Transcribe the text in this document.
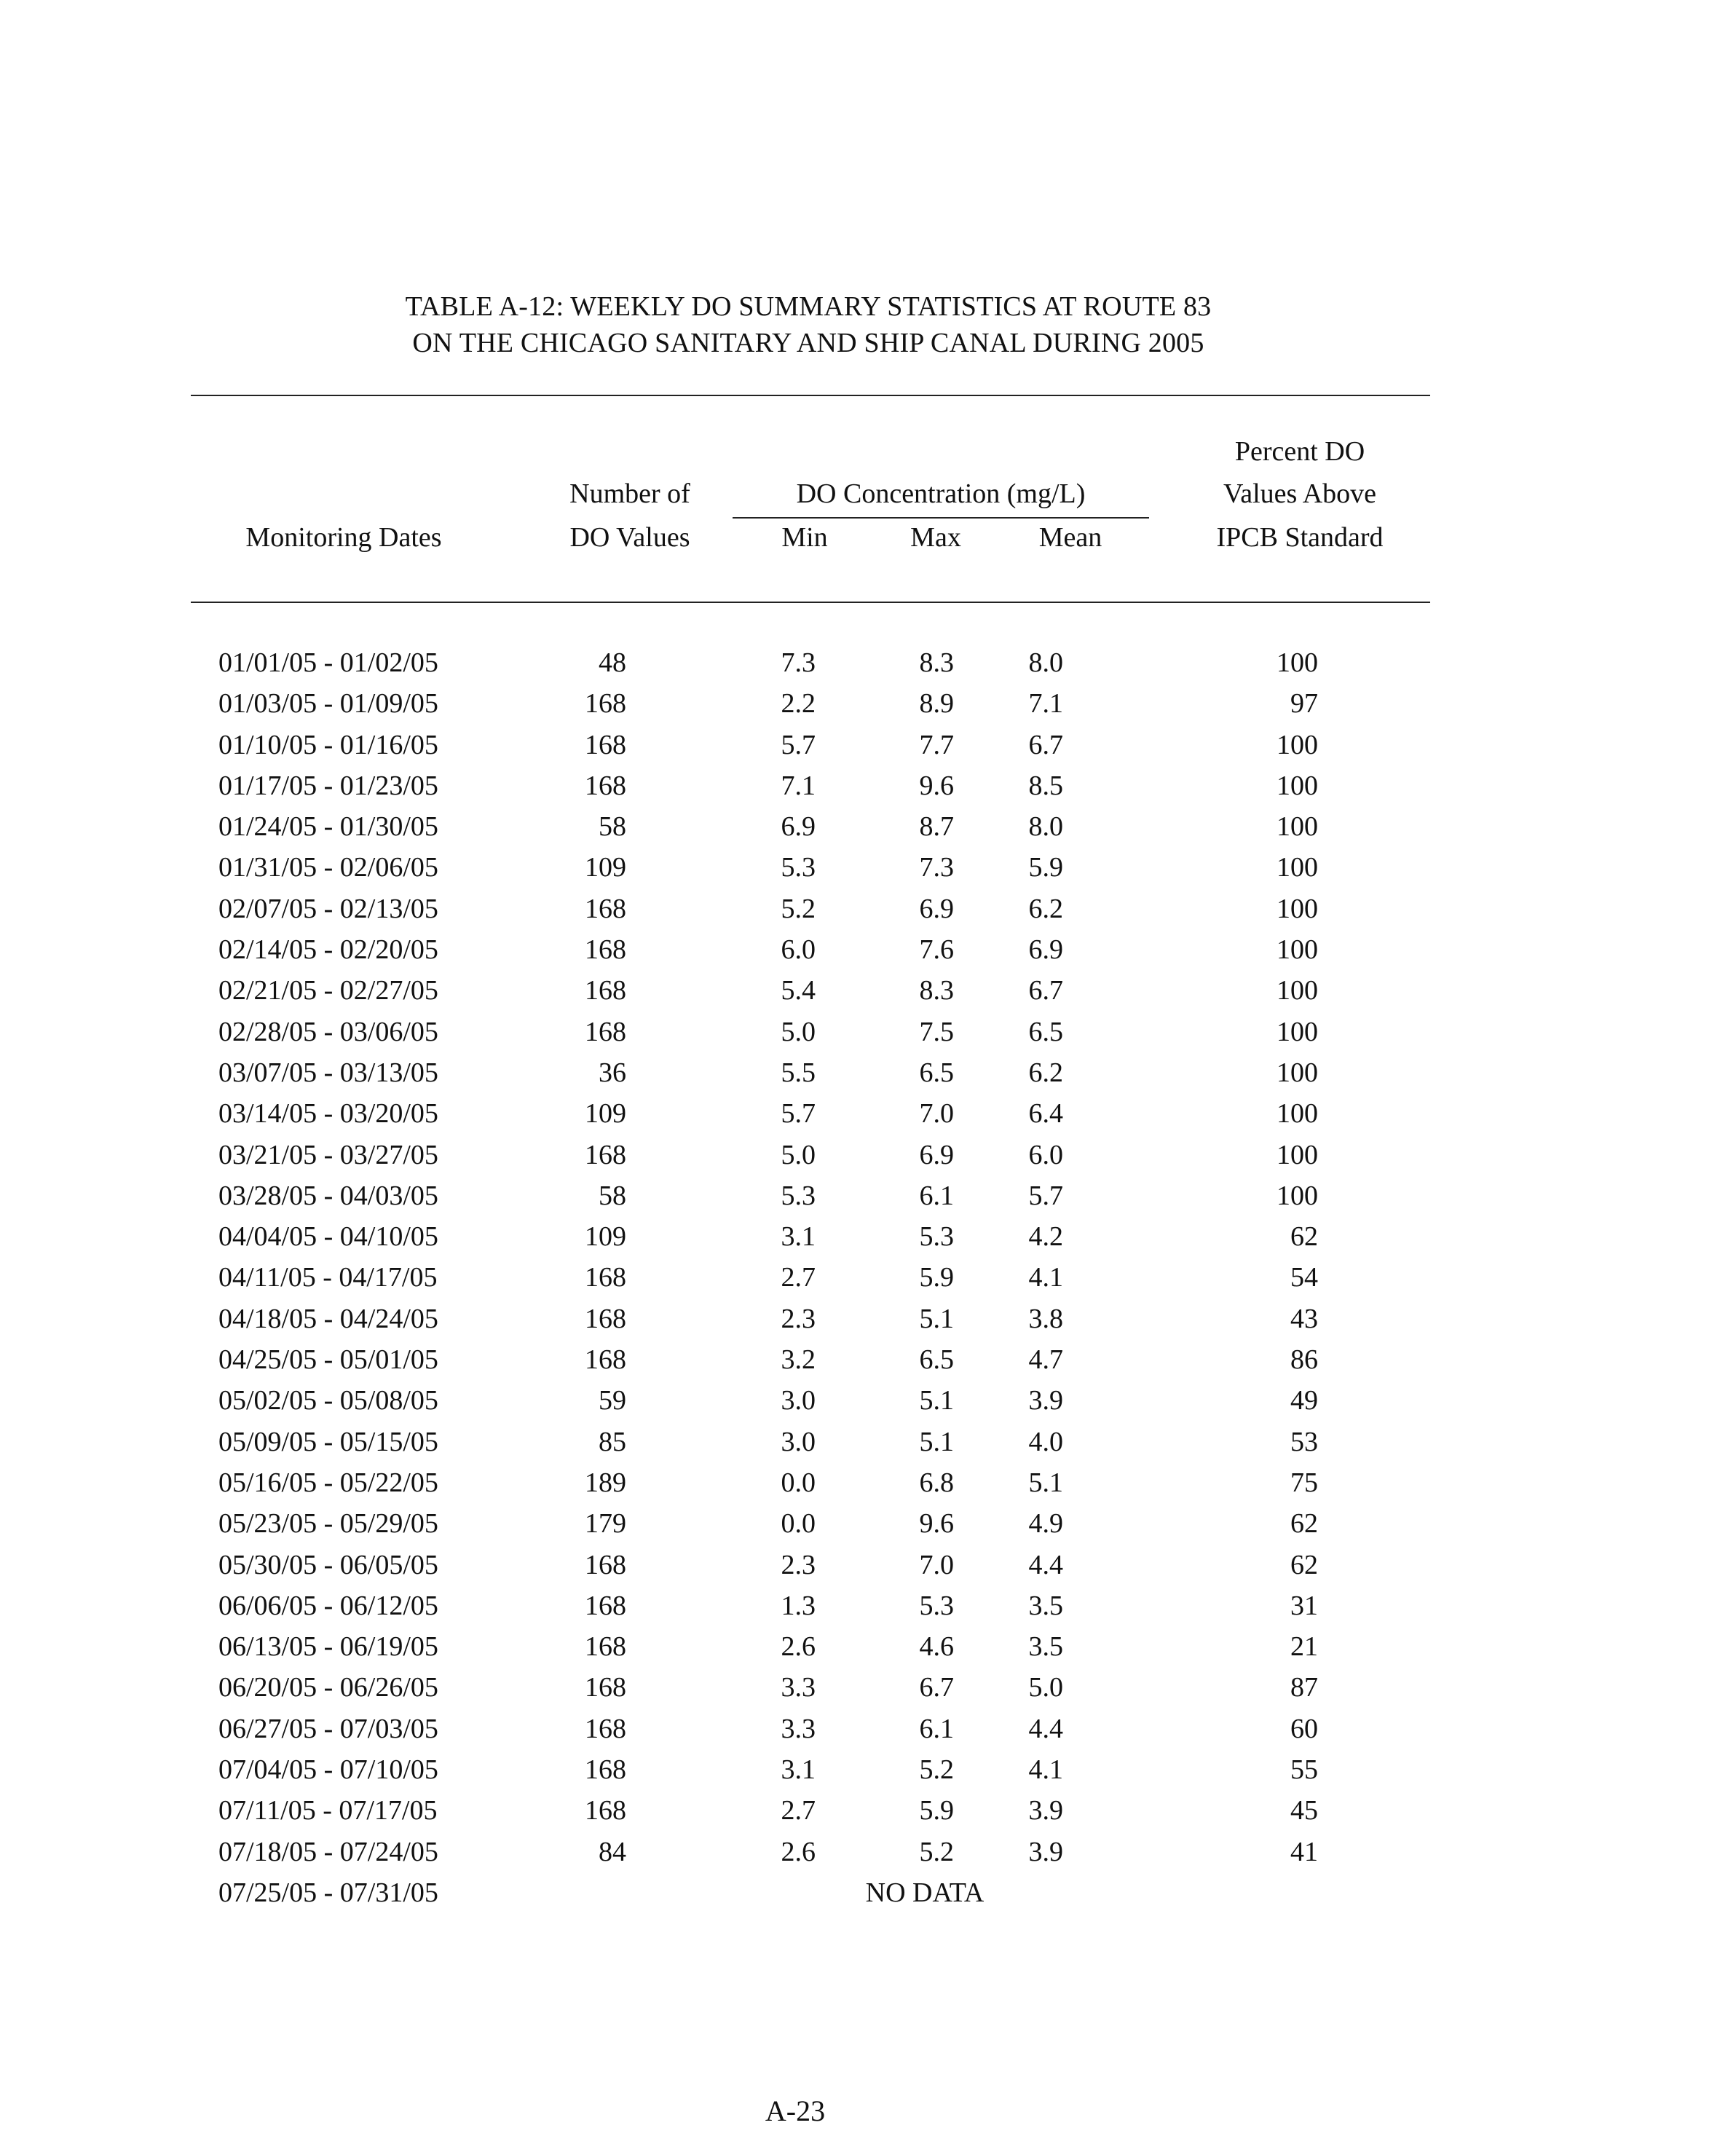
TABLE A-12: WEEKLY DO SUMMARY STATISTICS AT ROUTE 83
ON THE CHICAGO SANITARY AND SHIP CANAL DURING 2005
Percent DO
Number of	DO Concentration (mg/L)	Values Above
Monitoring Dates	DO Values	Min	Max	Mean	IPCB Standard
01/01/05 - 01/02/05	48	7.3	8.3	8.0	100
01/03/05 - 01/09/05	168	2.2	8.9	7.1	97
01/10/05 - 01/16/05	168	5.7	7.7	6.7	100
01/17/05 - 01/23/05	168	7.1	9.6	8.5	100
01/24/05 - 01/30/05	58	6.9	8.7	8.0	100
01/31/05 - 02/06/05	109	5.3	7.3	5.9	100
02/07/05 - 02/13/05	168	5.2	6.9	6.2	100
02/14/05 - 02/20/05	168	6.0	7.6	6.9	100
02/21/05 - 02/27/05	168	5.4	8.3	6.7	100
02/28/05 - 03/06/05	168	5.0	7.5	6.5	100
03/07/05 - 03/13/05	36	5.5	6.5	6.2	100
03/14/05 - 03/20/05	109	5.7	7.0	6.4	100
03/21/05 - 03/27/05	168	5.0	6.9	6.0	100
03/28/05 - 04/03/05	58	5.3	6.1	5.7	100
04/04/05 - 04/10/05	109	3.1	5.3	4.2	62
04/11/05 - 04/17/05	168	2.7	5.9	4.1	54
04/18/05 - 04/24/05	168	2.3	5.1	3.8	43
04/25/05 - 05/01/05	168	3.2	6.5	4.7	86
05/02/05 - 05/08/05	59	3.0	5.1	3.9	49
05/09/05 - 05/15/05	85	3.0	5.1	4.0	53
05/16/05 - 05/22/05	189	0.0	6.8	5.1	75
05/23/05 - 05/29/05	179	0.0	9.6	4.9	62
05/30/05 - 06/05/05	168	2.3	7.0	4.4	62
06/06/05 - 06/12/05	168	1.3	5.3	3.5	31
06/13/05 - 06/19/05	168	2.6	4.6	3.5	21
06/20/05 - 06/26/05	168	3.3	6.7	5.0	87
06/27/05 - 07/03/05	168	3.3	6.1	4.4	60
07/04/05 - 07/10/05	168	3.1	5.2	4.1	55
07/11/05 - 07/17/05	168	2.7	5.9	3.9	45
07/18/05 - 07/24/05	84	2.6	5.2	3.9	41
07/25/05 - 07/31/05	NO DATA
A-23
